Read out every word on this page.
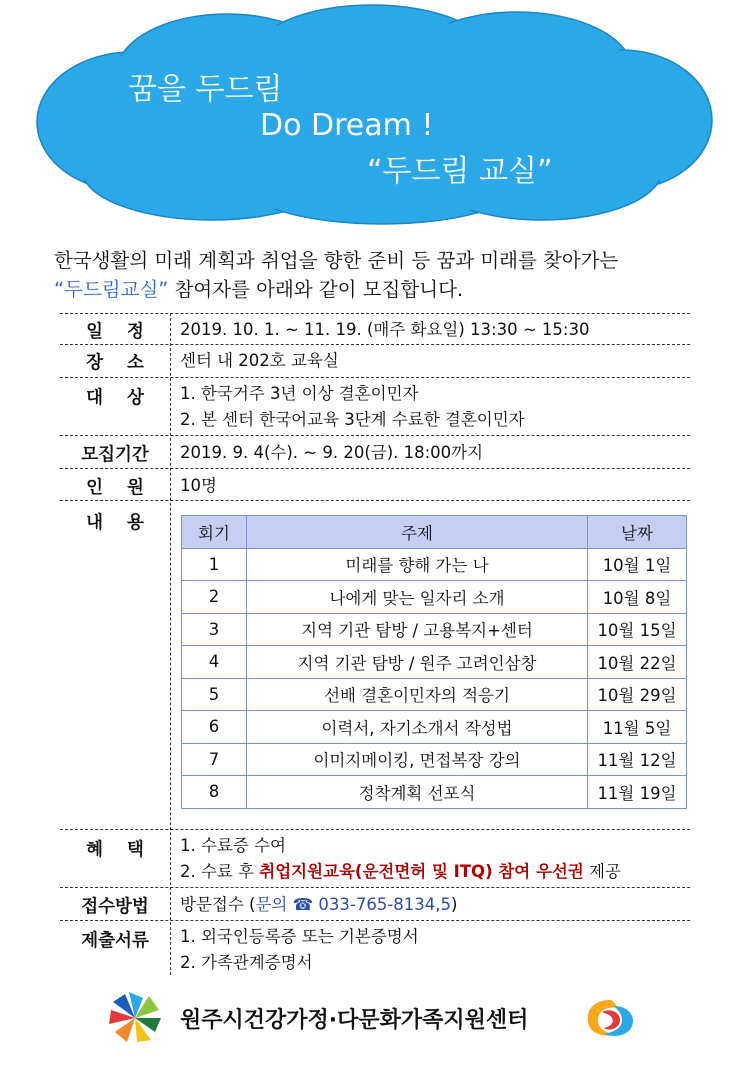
꿈을 두드림
Do Dream !
“두드림 교실”
한국생활의 미래 계획과 취업을 향한 준비 등 꿈과 미래를 찾아가는
“두드림교실” 참여자를 아래와 같이 모집합니다.
일정 2019. 10. 1. ~ 11. 19. (매주 화요일) 13:30 ~ 15:30
장소 센터 내 202호 교육실
대상 1. 한국거주 3년 이상 결혼이민자
2. 본 센터 한국어교육 3단계 수료한 결혼이민자
모집기간	2019. 9. 4(수). ~ 9. 20(금). 18:00까지
인원 10명
내용
회기	주제	날짜
1	미래를 향해 가는 나	10월 1일
2	나에게 맞는 일자리 소개	10월 8일
3	지역 기관 탐방 / 고용복지+센터	10월 15일
4	지역 기관 탐방 / 원주 고려인삼창	10월 22일
5	선배 결혼이민자의 적응기	10월 29일
6	이력서, 자기소개서 작성법	11월 5일
7	이미지메이킹, 면접복장 강의	11월 12일
8	정착계획 선포식	11월 19일
혜택 1. 수료증 수여
2. 수료 후 취업지원교육(운전면허 및 ITQ) 참여 우선권 제공
접수방법	방문접수 (문의 ☎ 033-765-8134,5)
제출서류	1. 외국인등록증 또는 기본증명서
2. 가족관계증명서
원주시건강가정·다문화가족지원센터
